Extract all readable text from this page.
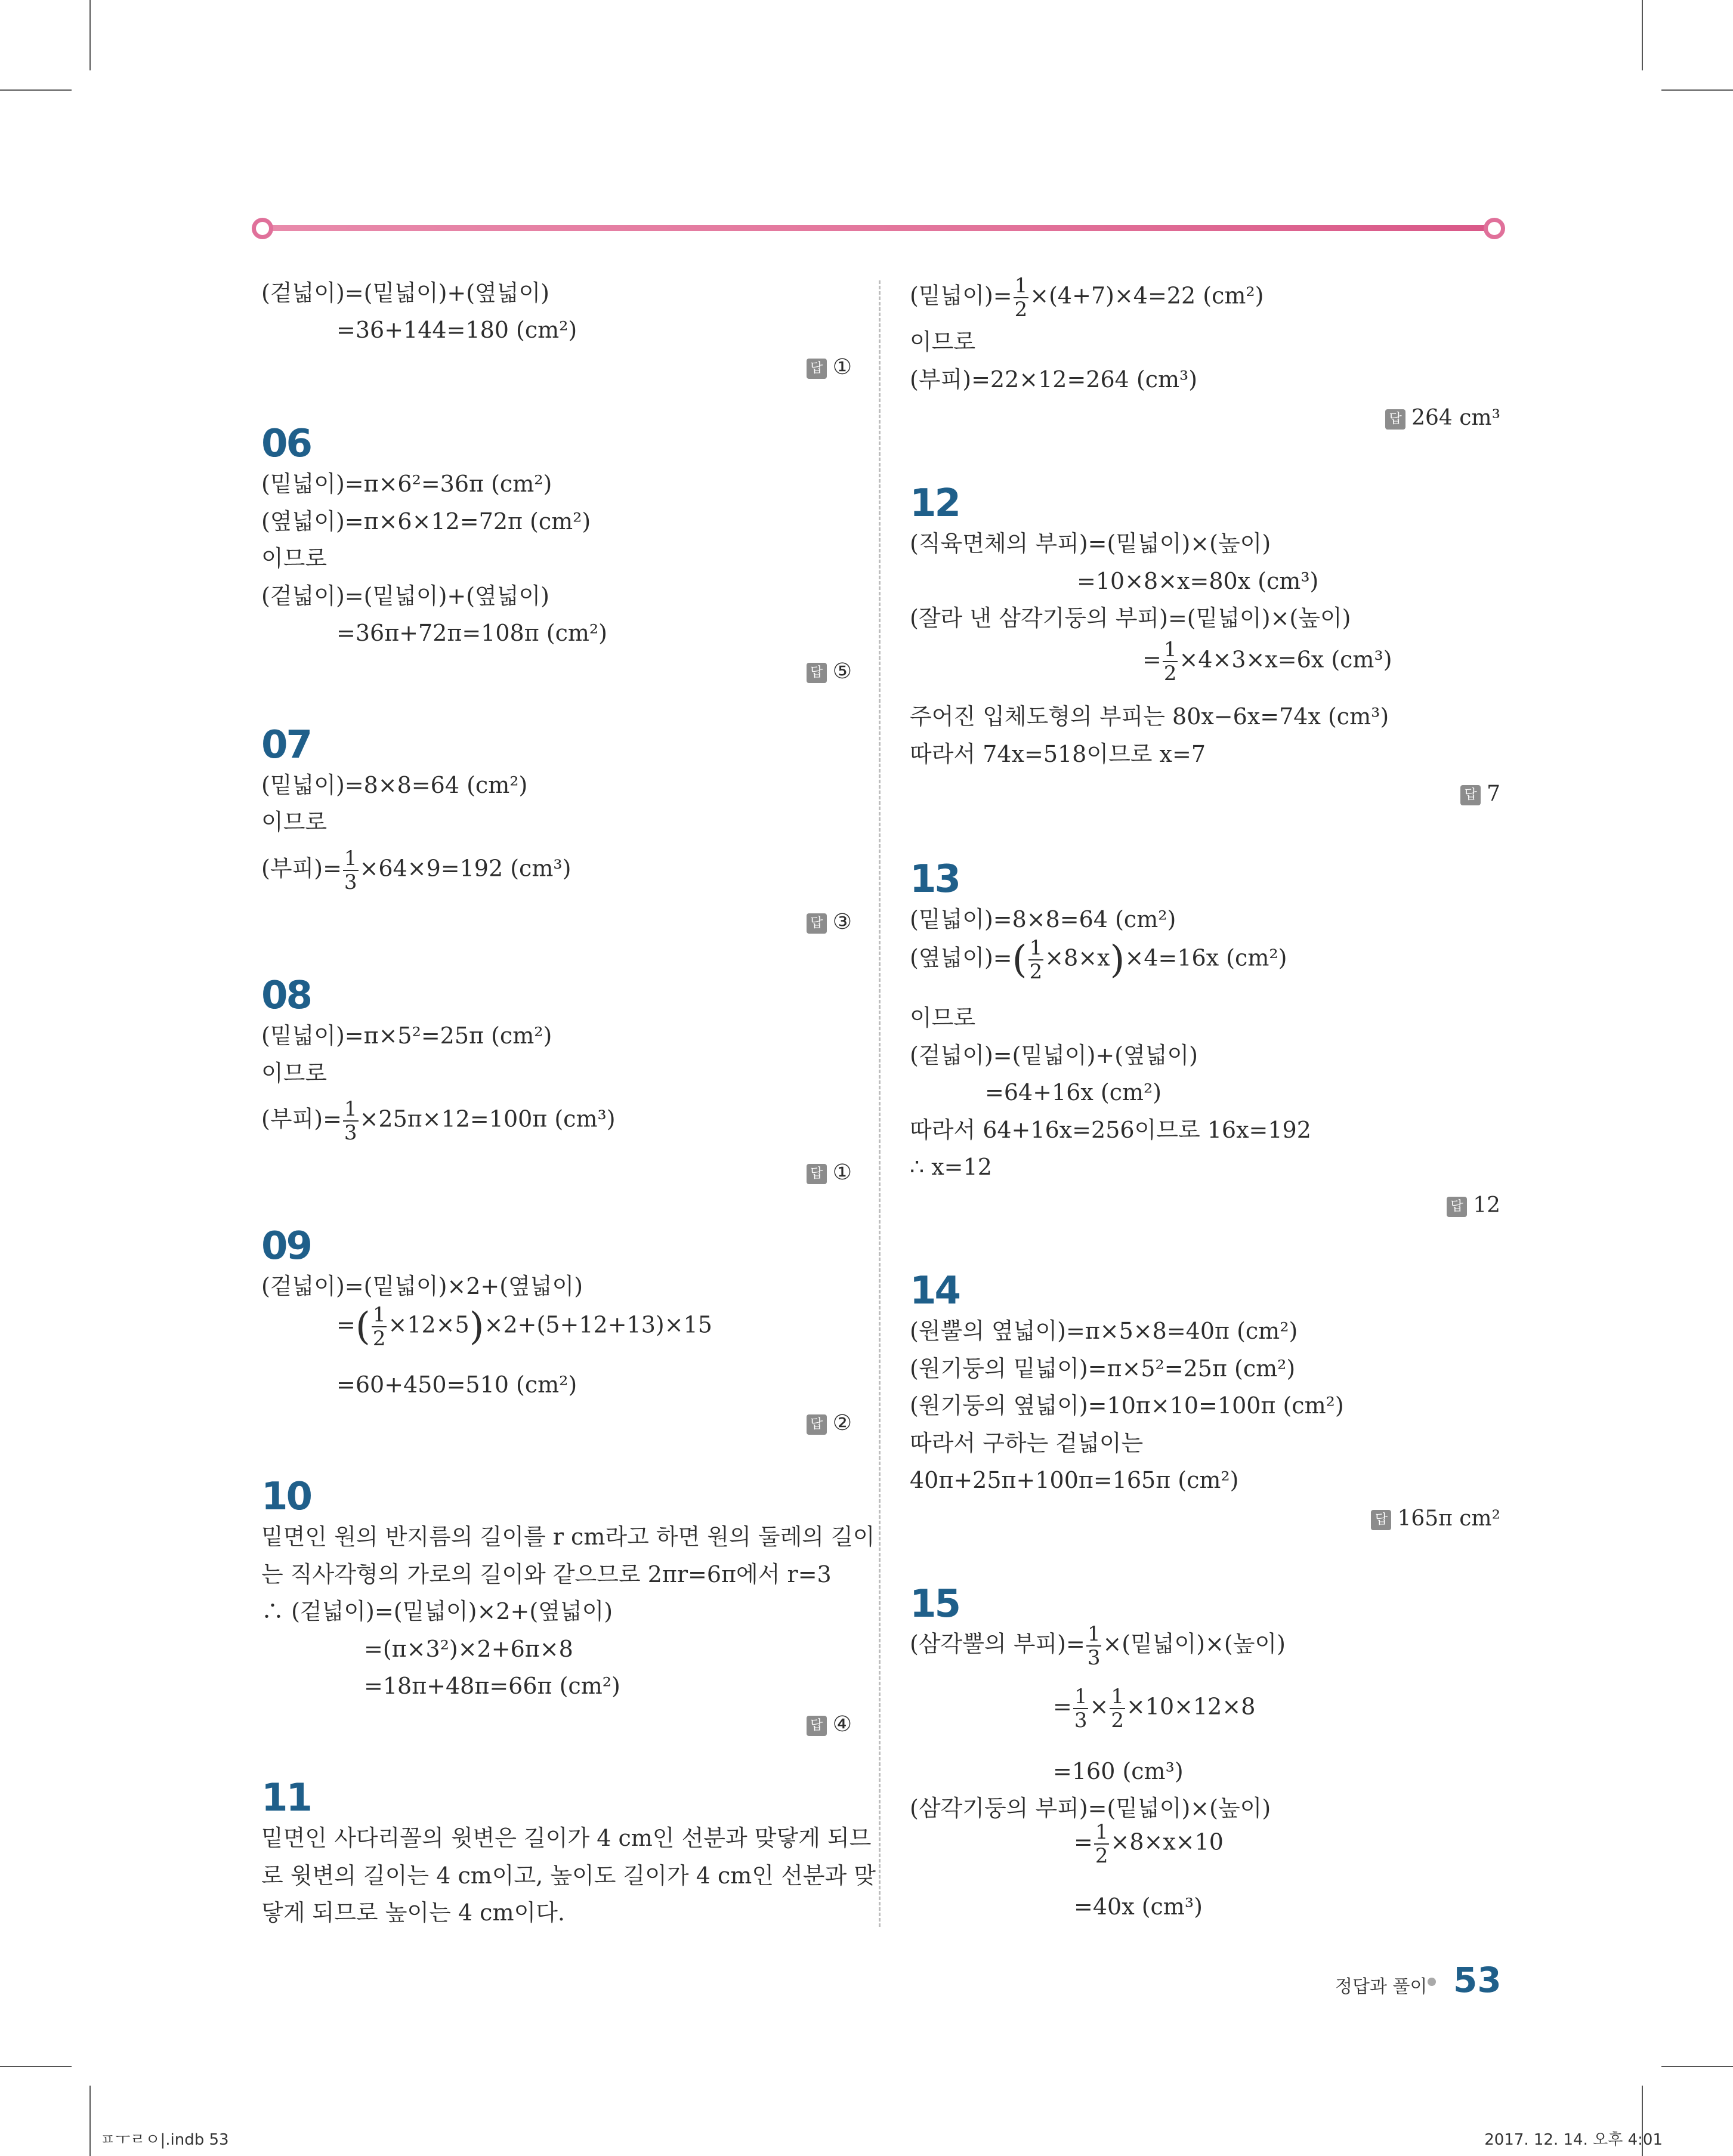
(겉넓이)=(밑넓이)+(옆넓이)
=36+144=180 (cm²)
답 ①
06
(밑넓이)=π×6²=36π (cm²)
(옆넓이)=π×6×12=72π (cm²)
이므로
(겉넓이)=(밑넓이)+(옆넓이)
=36π+72π=108π (cm²)
답 ⑤
07
(밑넓이)=8×8=64 (cm²)
이므로
(부피)= $\frac{1}{3} \times 64\times 9=192$ (cm³)
답 ③
08
(밑넓이)=π×5²=25π (cm²)
이므로
(부피)= $\frac{1}{3} \times 25\pi\times 12=100\pi$ (cm³)
답 ①
09
(겉넓이)=(밑넓이)×2+(옆넓이)
=( $\frac{1}{2} \times 12\times 5)\times 2+(5+12+13)\times 15$
=60+450=510 (cm²)
답 ②
10
밑면인 원의 반지름의 길이를 r cm라고 하면 원의 둘레의 길이
는 직사각형의 가로의 길이와 같으므로 2πr=6π에서 r=3
∴ (겉넓이)=(밑넓이)×2+(옆넓이)
=(π×3²)×2+6π×8
=18π+48π=66π (cm²)
답 ④
11
밑면인 사다리꼴의 윗변은 길이가 4 cm인 선분과 맞닿게 되므
로 윗변의 길이는 4 cm이고, 높이도 길이가 4 cm인 선분과 맞
닿게 되므로 높이는 4 cm이다.
(밑넓이)= $\frac{1}{2} \times(4+7)\times 4=22$ (cm²)
이므로
(부피)=22×12=264 (cm³)
답 264 cm³
12
(직육면체의 부피)=(밑넓이)×(높이)
=10×8×x=80x (cm³)
(잘라 낸 삼각기둥의 부피)=(밑넓이)×(높이)
= $\frac{1}{2} \times 4\times 3\times x=6x$ (cm³)
주어진 입체도형의 부피는 80x−6x=74x (cm³)
따라서 74x=518이므로 x=7
답 7
13
(밑넓이)=8×8=64 (cm²)
(옆넓이)=( $\frac{1}{2} \times 8\times x)\times 4=16x$ (cm²)
이므로
(겉넓이)=(밑넓이)+(옆넓이)
=64+16x (cm²)
따라서 64+16x=256이므로 16x=192
∴ x=12
답 12
14
(원뿔의 옆넓이)=π×5×8=40π (cm²)
(원기둥의 밑넓이)=π×5²=25π (cm²)
(원기둥의 옆넓이)=10π×10=100π (cm²)
따라서 구하는 겉넓이는
40π+25π+100π=165π (cm²)
답 165π cm²
15
(삼각뿔의 부피)= $\frac{1}{3}$ ×(밑넓이)×(높이)
= $\frac{1}{3} \times \frac{1}{2} \times 10\times 12\times 8$
=160 (cm³)
(삼각기둥의 부피)=(밑넓이)×(높이)
= $\frac{1}{2} \times 8\times x\times 10$
=40x (cm³)
정답과 풀이 53
ㅍㅜㄹㅇ|.indb 53	2017. 12. 14. 오후 4:01
